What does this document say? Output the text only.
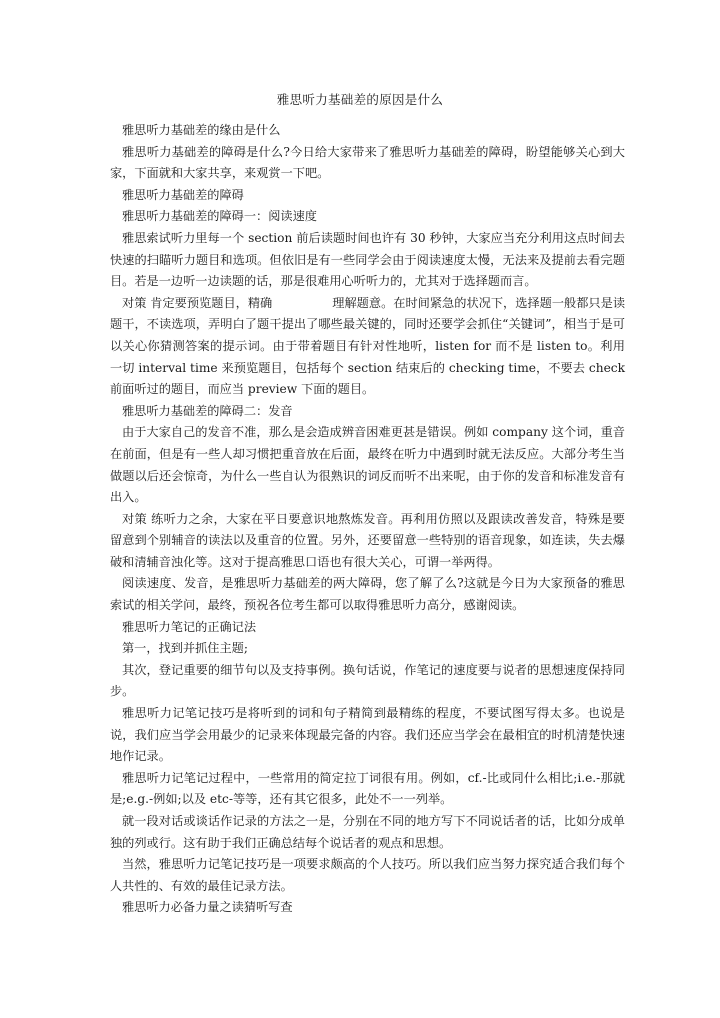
雅思听力基础差的原因是什么

雅思听力基础差的缘由是什么

雅思听力基础差的障碍是什么?今日给大家带来了雅思听力基础差的障碍，盼望能够关心到大家，下面就和大家共享，来观赏一下吧。

雅思听力基础差的障碍

雅思听力基础差的障碍一：阅读速度

雅思索试听力里每一个 section 前后读题时间也许有 30 秒钟，大家应当充分利用这点时间去快速的扫瞄听力题目和选项。但依旧是有一些同学会由于阅读速度太慢，无法来及提前去看完题目。若是一边听一边读题的话，那是很难用心听听力的，尤其对于选择题而言。

对策 肯定要预览题目，精确	理解题意。在时间紧急的状况下，选择题一般都只是读题干，不读选项，弄明白了题干提出了哪些最关键的，同时还要学会抓住“关键词”，相当于是可以关心你猜测答案的提示词。由于带着题目有针对性地听，listen for 而不是 listen to。利用一切 interval time 来预览题目，包括每个 section 结束后的 checking time，不要去 check 前面听过的题目，而应当 preview 下面的题目。

雅思听力基础差的障碍二：发音

由于大家自己的发音不准，那么是会造成辨音困难更甚是错误。例如 company 这个词，重音在前面，但是有一些人却习惯把重音放在后面，最终在听力中遇到时就无法反应。大部分考生当做题以后还会惊奇，为什么一些自认为很熟识的词反而听不出来呢，由于你的发音和标准发音有出入。

对策 练听力之余，大家在平日要意识地熬炼发音。再利用仿照以及跟读改善发音，特殊是要留意到个别辅音的读法以及重音的位置。另外，还要留意一些特别的语音现象，如连读，失去爆破和清辅音浊化等。这对于提高雅思口语也有很大关心，可谓一举两得。

阅读速度、发音，是雅思听力基础差的两大障碍，您了解了么?这就是今日为大家预备的雅思索试的相关学问，最终，预祝各位考生都可以取得雅思听力高分，感谢阅读。

雅思听力笔记的正确记法

第一，找到并抓住主题;

其次，登记重要的细节句以及支持事例。换句话说，作笔记的速度要与说者的思想速度保持同步。

雅思听力记笔记技巧是将听到的词和句子精简到最精练的程度，不要试图写得太多。也说是说，我们应当学会用最少的记录来体现最完备的内容。我们还应当学会在最相宜的时机清楚快速地作记录。

雅思听力记笔记过程中，一些常用的简定拉丁词很有用。例如，cf.-比或同什么相比;i.e.-那就是;e.g.-例如;以及 etc-等等，还有其它很多，此处不一一列举。

就一段对话或谈话作记录的方法之一是，分别在不同的地方写下不同说话者的话，比如分成单独的列或行。这有助于我们正确总结每个说话者的观点和思想。

当然，雅思听力记笔记技巧是一项要求颇高的个人技巧。所以我们应当努力探究适合我们每个人共性的、有效的最佳记录方法。

雅思听力必备力量之读猜听写查
